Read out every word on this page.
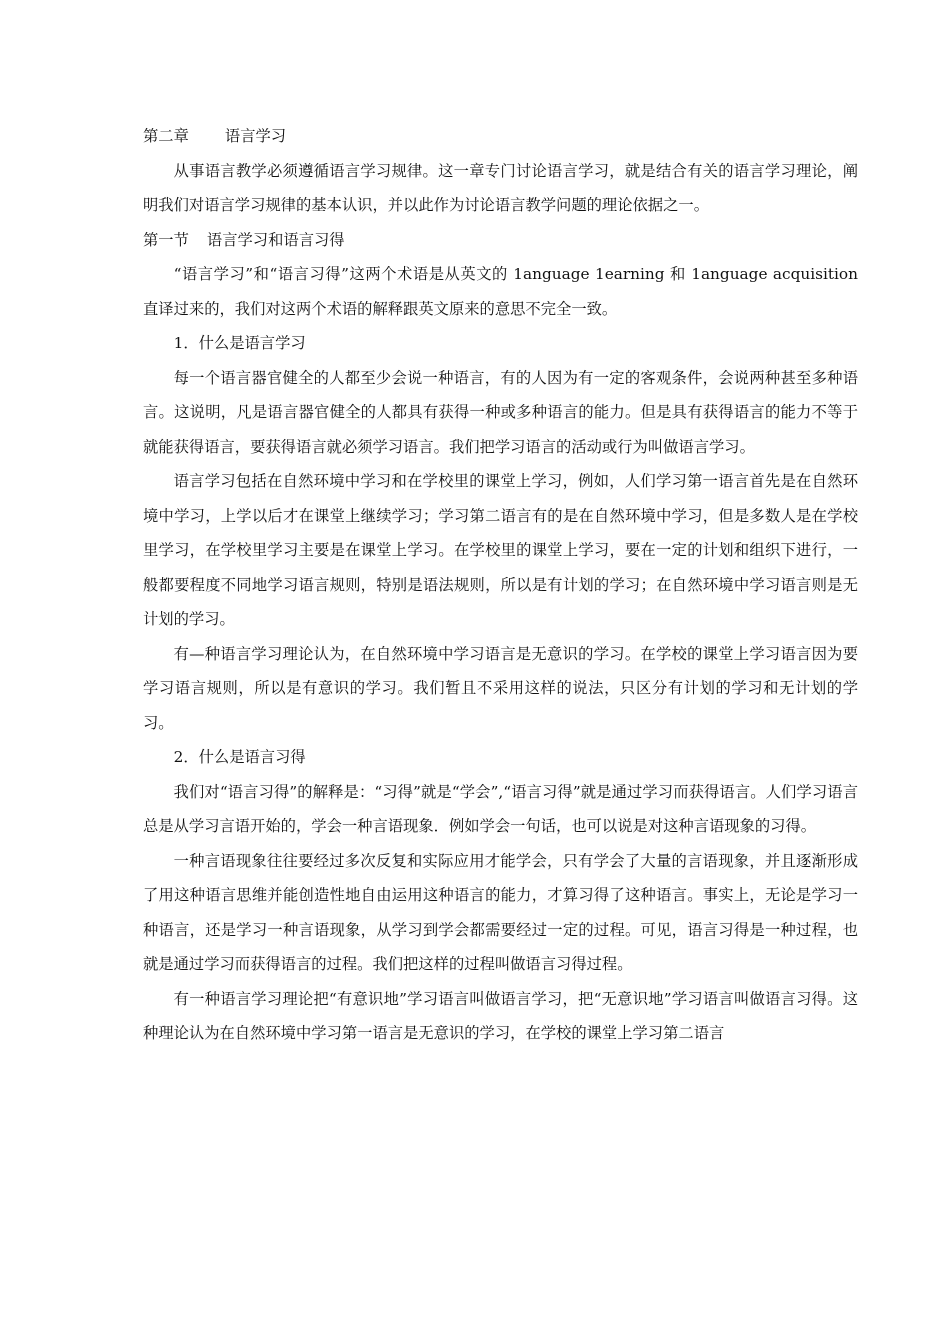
第二章 语言学习

从事语言教学必须遵循语言学习规律。这一章专门讨论语言学习，就是结合有关的语言学习理论，阐明我们对语言学习规律的基本认识，并以此作为讨论语言教学问题的理论依据之一。

第一节 语言学习和语言习得

“语言学习”和“语言习得”这两个术语是从英文的 1anguage 1earning 和 1anguage acquisition 直译过来的，我们对这两个术语的解释跟英文原来的意思不完全一致。

1．什么是语言学习

每一个语言器官健全的人都至少会说一种语言，有的人因为有一定的客观条件，会说两种甚至多种语言。这说明，凡是语言器官健全的人都具有获得一种或多种语言的能力。但是具有获得语言的能力不等于就能获得语言，要获得语言就必须学习语言。我们把学习语言的活动或行为叫做语言学习。

语言学习包括在自然环境中学习和在学校里的课堂上学习，例如，人们学习第一语言首先是在自然环境中学习，上学以后才在课堂上继续学习；学习第二语言有的是在自然环境中学习，但是多数人是在学校里学习，在学校里学习主要是在课堂上学习。在学校里的课堂上学习，要在一定的计划和组织下进行，一般都要程度不同地学习语言规则，特别是语法规则，所以是有计划的学习；在自然环境中学习语言则是无计划的学习。

有—种语言学习理论认为，在自然环境中学习语言是无意识的学习。在学校的课堂上学习语言因为要学习语言规则，所以是有意识的学习。我们暂且不采用这样的说法，只区分有计划的学习和无计划的学习。

2．什么是语言习得

我们对“语言习得”的解释是：“习得”就是“学会”,“语言习得”就是通过学习而获得语言。人们学习语言总是从学习言语开始的，学会一种言语现象．例如学会一句话，也可以说是对这种言语现象的习得。

一种言语现象往往要经过多次反复和实际应用才能学会，只有学会了大量的言语现象，并且逐渐形成了用这种语言思维并能创造性地自由运用这种语言的能力，才算习得了这种语言。事实上，无论是学习一种语言，还是学习一种言语现象，从学习到学会都需要经过一定的过程。可见，语言习得是一种过程，也就是通过学习而获得语言的过程。我们把这样的过程叫做语言习得过程。

有一种语言学习理论把“有意识地”学习语言叫做语言学习，把“无意识地”学习语言叫做语言习得。这种理论认为在自然环境中学习第一语言是无意识的学习，在学校的课堂上学习第二语言
